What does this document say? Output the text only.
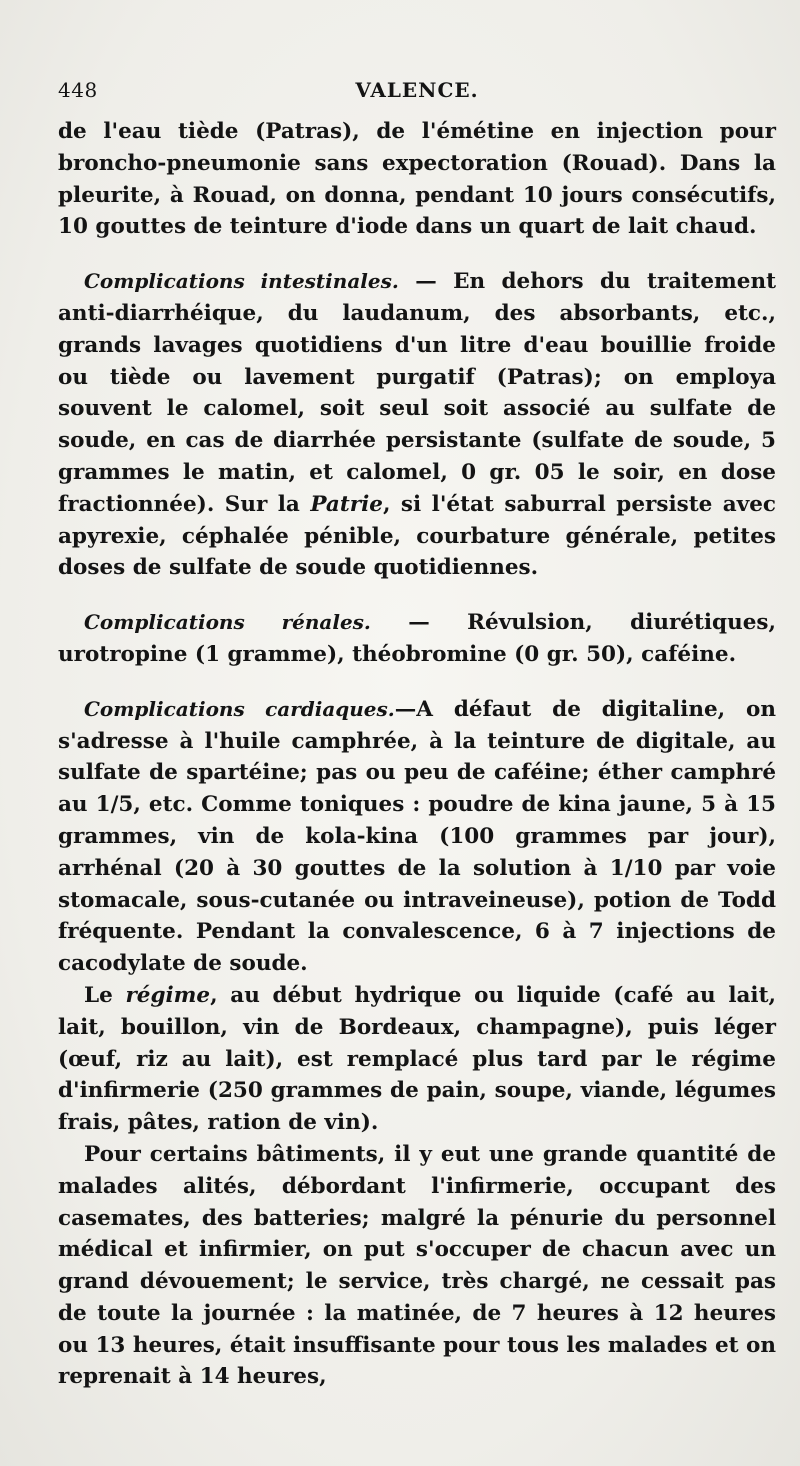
448	VALENCE.

de l'eau tiède (Patras), de l'émétine en injection pour broncho-pneumonie sans expectoration (Rouad). Dans la pleurite, à Rouad, on donna, pendant 10 jours consécutifs, 10 gouttes de teinture d'iode dans un quart de lait chaud.

Complications intestinales. — En dehors du traitement anti-diarrhéique, du laudanum, des absorbants, etc., grands lavages quotidiens d'un litre d'eau bouillie froide ou tiède ou lavement purgatif (Patras); on employa souvent le calomel, soit seul soit associé au sulfate de soude, en cas de diarrhée persistante (sulfate de soude, 5 grammes le matin, et calomel, 0 gr. 05 le soir, en dose fractionnée). Sur la Patrie, si l'état saburral persiste avec apyrexie, céphalée pénible, courbature générale, petites doses de sulfate de soude quotidiennes.

Complications rénales. — Révulsion, diurétiques, urotropine (1 gramme), théobromine (0 gr. 50), caféine.

Complications cardiaques.—A défaut de digitaline, on s'adresse à l'huile camphrée, à la teinture de digitale, au sulfate de spartéine; pas ou peu de caféine; éther camphré au 1/5, etc. Comme toniques : poudre de kina jaune, 5 à 15 grammes, vin de kola-kina (100 grammes par jour), arrhénal (20 à 30 gouttes de la solution à 1/10 par voie stomacale, sous-cutanée ou intraveineuse), potion de Todd fréquente. Pendant la convalescence, 6 à 7 injections de cacodylate de soude.

Le régime, au début hydrique ou liquide (café au lait, lait, bouillon, vin de Bordeaux, champagne), puis léger (œuf, riz au lait), est remplacé plus tard par le régime d'infirmerie (250 grammes de pain, soupe, viande, légumes frais, pâtes, ration de vin).

Pour certains bâtiments, il y eut une grande quantité de malades alités, débordant l'infirmerie, occupant des casemates, des batteries; malgré la pénurie du personnel médical et infirmier, on put s'occuper de chacun avec un grand dévouement; le service, très chargé, ne cessait pas de toute la journée : la matinée, de 7 heures à 12 heures ou 13 heures, était insuffisante pour tous les malades et on reprenait à 14 heures,
